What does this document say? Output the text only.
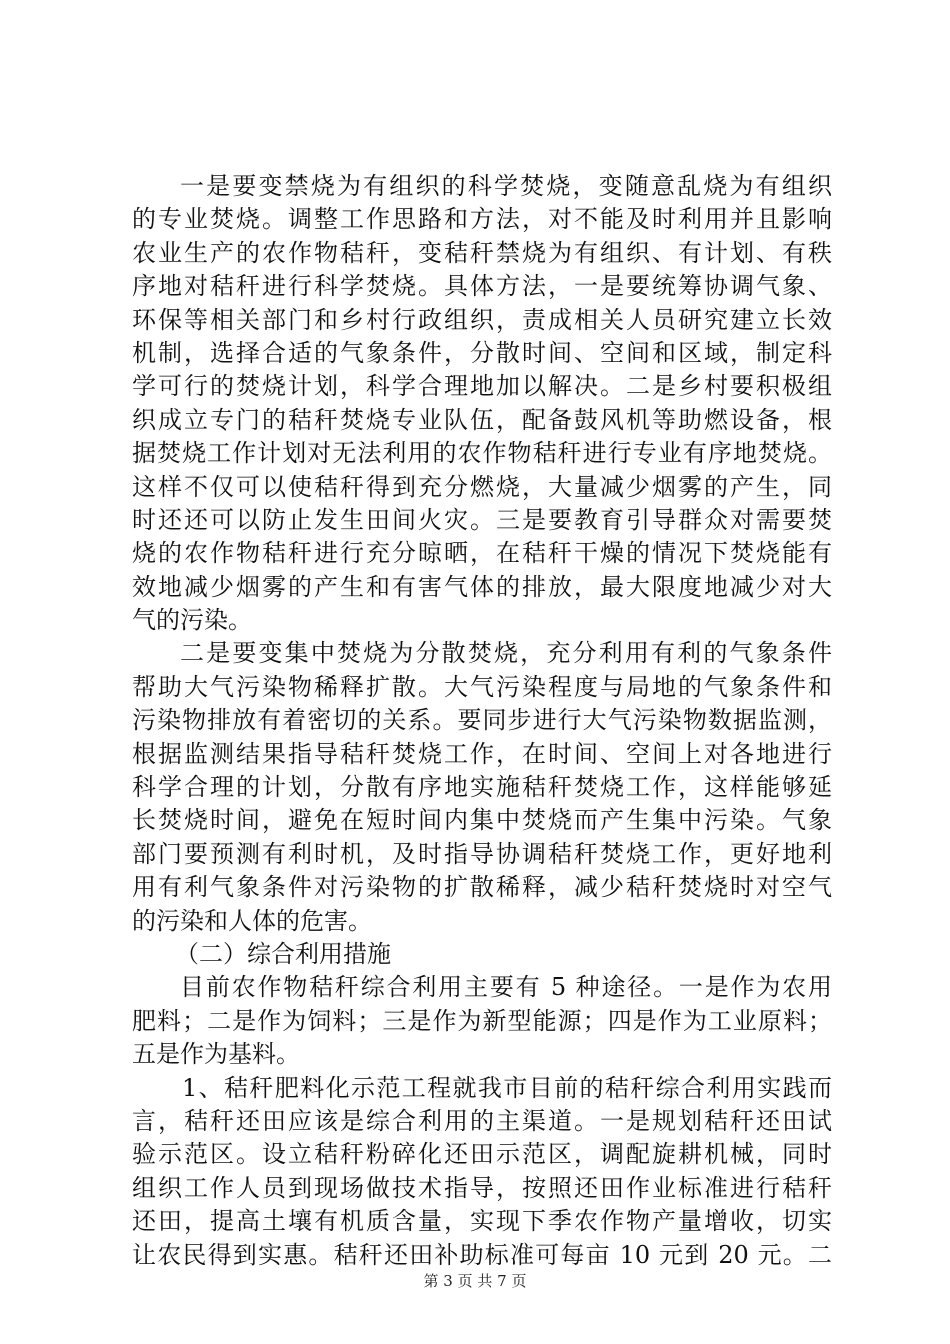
一是要变禁烧为有组织的科学焚烧，变随意乱烧为有组织
的专业焚烧。调整工作思路和方法，对不能及时利用并且影响
农业生产的农作物秸秆，变秸秆禁烧为有组织、有计划、有秩
序地对秸秆进行科学焚烧。具体方法，一是要统筹协调气象、
环保等相关部门和乡村行政组织，责成相关人员研究建立长效
机制，选择合适的气象条件，分散时间、空间和区域，制定科
学可行的焚烧计划，科学合理地加以解决。二是乡村要积极组
织成立专门的秸秆焚烧专业队伍，配备鼓风机等助燃设备，根
据焚烧工作计划对无法利用的农作物秸秆进行专业有序地焚烧。
这样不仅可以使秸秆得到充分燃烧，大量减少烟雾的产生，同
时还还可以防止发生田间火灾。三是要教育引导群众对需要焚
烧的农作物秸秆进行充分晾晒，在秸秆干燥的情况下焚烧能有
效地减少烟雾的产生和有害气体的排放，最大限度地减少对大
气的污染。
二是要变集中焚烧为分散焚烧，充分利用有利的气象条件
帮助大气污染物稀释扩散。大气污染程度与局地的气象条件和
污染物排放有着密切的关系。要同步进行大气污染物数据监测，
根据监测结果指导秸秆焚烧工作，在时间、空间上对各地进行
科学合理的计划，分散有序地实施秸秆焚烧工作，这样能够延
长焚烧时间，避免在短时间内集中焚烧而产生集中污染。气象
部门要预测有利时机，及时指导协调秸秆焚烧工作，更好地利
用有利气象条件对污染物的扩散稀释，减少秸秆焚烧时对空气
的污染和人体的危害。
（二）综合利用措施
目前农作物秸秆综合利用主要有 5 种途径。一是作为农用
肥料；二是作为饲料；三是作为新型能源；四是作为工业原料；
五是作为基料。
1、秸秆肥料化示范工程就我市目前的秸秆综合利用实践而
言，秸秆还田应该是综合利用的主渠道。一是规划秸秆还田试
验示范区。设立秸秆粉碎化还田示范区，调配旋耕机械，同时
组织工作人员到现场做技术指导，按照还田作业标准进行秸秆
还田，提高土壤有机质含量，实现下季农作物产量增收，切实
让农民得到实惠。秸秆还田补助标准可每亩 10 元到 20 元。二
第 3 页 共 7 页
